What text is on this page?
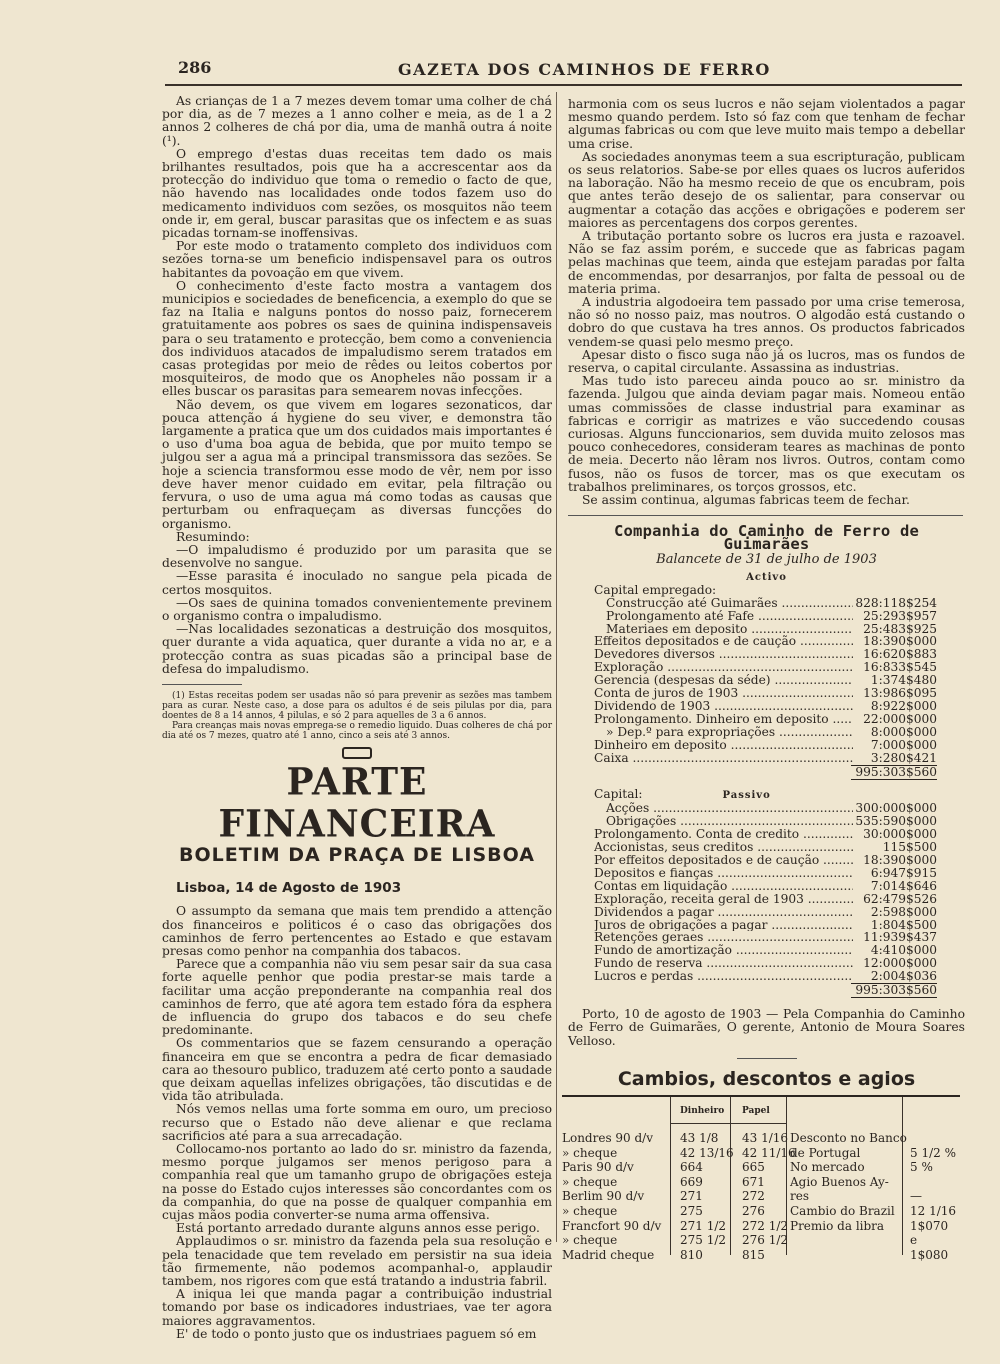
286	GAZETA DOS CAMINHOS DE FERRO

As crianças de 1 a 7 mezes devem tomar uma colher de chá por dia, as de 7 mezes a 1 anno colher e meia, as de 1 a 2 annos 2 colheres de chá por dia, uma de manhã outra á noite (¹).

O emprego d'estas duas receitas tem dado os mais brilhantes resultados, pois que ha a accrescentar aos da protecção do individuo que toma o remedio o facto de que, não havendo nas localidades onde todos fazem uso do medicamento individuos com sezões, os mosquitos não teem onde ir, em geral, buscar parasitas que os infectem e as suas picadas tornam-se inoffensivas.

Por este modo o tratamento completo dos individuos com sezões torna-se um beneficio indispensavel para os outros habitantes da povoação em que vivem.

O conhecimento d'este facto mostra a vantagem dos municipios e sociedades de beneficencia, a exemplo do que se faz na Italia e nalguns pontos do nosso paiz, fornecerem gratuitamente aos pobres os saes de quinina indispensaveis para o seu tratamento e protecção, bem como a conveniencia dos individuos atacados de impaludismo serem tratados em casas protegidas por meio de rêdes ou leitos cobertos por mosquiteiros, de modo que os Anopheles não possam ir a elles buscar os parasitas para semearem novas infecções.

Não devem, os que vivem em logares sezonaticos, dar pouca attenção á hygiene do seu viver, e demonstra tão largamente a pratica que um dos cuidados mais importantes é o uso d'uma boa agua de bebida, que por muito tempo se julgou ser a agua má a principal transmissora das sezões. Se hoje a sciencia transformou esse modo de vêr, nem por isso deve haver menor cuidado em evitar, pela filtração ou fervura, o uso de uma agua má como todas as causas que perturbam ou enfraqueçam as diversas funcções do organismo.

Resumindo:

—O impaludismo é produzido por um parasita que se desenvolve no sangue.

—Esse parasita é inoculado no sangue pela picada de certos mosquitos.

—Os saes de quinina tomados convenientemente previnem o organismo contra o impaludismo.

—Nas localidades sezonaticas a destruição dos mosquitos, quer durante a vida aquatica, quer durante a vida no ar, e a protecção contra as suas picadas são a principal base de defesa do impaludismo.

(1) Estas receitas podem ser usadas não só para prevenir as sezões mas tambem para as curar. Neste caso, a dose para os adultos é de seis pilulas por dia, para doentes de 8 a 14 annos, 4 pilulas, e só 2 para aquelles de 3 a 6 annos.

Para creanças mais novas emprega-se o remedio liquido. Duas colheres de chá por dia até os 7 mezes, quatro até 1 anno, cinco a seis até 3 annos.

PARTE FINANCEIRA
BOLETIM DA PRAÇA DE LISBOA
Lisboa, 14 de Agosto de 1903

O assumpto da semana que mais tem prendido a attenção dos financeiros e politicos é o caso das obrigações dos caminhos de ferro pertencentes ao Estado e que estavam presas como penhor na companhia dos tabacos.

Parece que a companhia não viu sem pesar sair da sua casa forte aquelle penhor que podia prestar-se mais tarde a facilitar uma acção preponderante na companhia real dos caminhos de ferro, que até agora tem estado fóra da esphera de influencia do grupo dos tabacos e do seu chefe predominante.

Os commentarios que se fazem censurando a operação financeira em que se encontra a pedra de ficar demasiado cara ao thesouro publico, traduzem até certo ponto a saudade que deixam aquellas infelizes obrigações, tão discutidas e de vida tão atribulada.

Nós vemos nellas uma forte somma em ouro, um precioso recurso que o Estado não deve alienar e que reclama sacrificios até para a sua arrecadação.

Collocamo-nos portanto ao lado do sr. ministro da fazenda, mesmo porque julgamos ser menos perigoso para a companhia real que um tamanho grupo de obrigações esteja na posse do Estado cujos interesses são concordantes com os da companhia, do que na posse de qualquer companhia em cujas mãos podia converter-se numa arma offensiva.

Está portanto arredado durante alguns annos esse perigo.

Applaudimos o sr. ministro da fazenda pela sua resolução e pela tenacidade que tem revelado em persistir na sua ideia tão firmemente, não podemos acompanhal-o, applaudir tambem, nos rigores com que está tratando a industria fabril.

A iniqua lei que manda pagar a contribuição industrial tomando por base os indicadores industriaes, vae ter agora maiores aggravamentos.

E' de todo o ponto justo que os industriaes paguem só em

harmonia com os seus lucros e não sejam violentados a pagar mesmo quando perdem. Isto só faz com que tenham de fechar algumas fabricas ou com que leve muito mais tempo a debellar uma crise.

As sociedades anonymas teem a sua escripturação, publicam os seus relatorios. Sabe-se por elles quaes os lucros auferidos na laboração. Não ha mesmo receio de que os encubram, pois que antes terão desejo de os salientar, para conservar ou augmentar a cotação das acções e obrigações e poderem ser maiores as percentagens dos corpos gerentes.

A tributação portanto sobre os lucros era justa e razoavel. Não se faz assim porém, e succede que as fabricas pagam pelas machinas que teem, ainda que estejam paradas por falta de encommendas, por desarranjos, por falta de pessoal ou de materia prima.

A industria algodoeira tem passado por uma crise temerosa, não só no nosso paiz, mas noutros. O algodão está custando o dobro do que custava ha tres annos. Os productos fabricados vendem-se quasi pelo mesmo preço.

Apesar disto o fisco suga não já os lucros, mas os fundos de reserva, o capital circulante. Assassina as industrias.

Mas tudo isto pareceu ainda pouco ao sr. ministro da fazenda. Julgou que ainda deviam pagar mais. Nomeou então umas commissões de classe industrial para examinar as fabricas e corrigir as matrizes e vão succedendo cousas curiosas. Alguns funccionarios, sem duvida muito zelosos mas pouco conhecedores, consideram teares as machinas de ponto de meia. Decerto não lêram nos livros. Outros, contam como fusos, não os fusos de torcer, mas os que executam os trabalhos preliminares, os torços grossos, etc.

Se assim continua, algumas fabricas teem de fechar.

Companhia do Caminho de Ferro de Guimarães
Balancete de 31 de julho de 1903
Activo
Capital empregado:
Construcção até Guimarães .....	828:118$254
Prolongamento até Fafe .....	25:293$957
Materiaes em deposito .....	25:483$925
Effeitos depositados e de caução .....	18:390$000
Devedores diversos .....	16:620$883
Exploração .....	16:833$545
Gerencia (despesas da séde) .....	1:374$480
Conta de juros de 1903 .....	13:986$095
Dividendo de 1903 .....	8:922$000
Prolongamento. Dinheiro em deposito .....	22:000$000
» Dep.º para expropriações .....	8:000$000
Dinheiro em deposito .....	7:000$000
Caixa .....	3:280$421
995:303$560
Capital:	Passivo
Acções .....	300:000$000
Obrigações .....	535:590$000
Prolongamento. Conta de credito .....	30:000$000
Accionistas, seus creditos .....	115$500
Por effeitos depositados e de caução .....	18:390$000
Depositos e fianças .....	6:947$915
Contas em liquidação .....	7:014$646
Exploração, receita geral de 1903 .....	62:479$526
Dividendos a pagar .....	2:598$000
Juros de obrigações a pagar .....	1:804$500
Retenções geraes .....	11:939$437
Fundo de amortização .....	4:410$000
Fundo de reserva .....	12:000$000
Lucros e perdas .....	2:004$036
995:303$560

Porto, 10 de agosto de 1903 — Pela Companhia do Caminho de Ferro de Guimarães, O gerente, Antonio de Moura Soares Velloso.

Cambios, descontos e agios
Dinheiro Papel
Londres 90 d/v 43 1/8 43 1/16
» cheque	42 13/16 42 11/16
Paris 90 d/v	664	665
» cheque	669	671
Berlim 90 d/v	271	272
» cheque	275	276
Francfort 90 d/v 271 1/2 272 1/2
» cheque	275 1/2 276 1/2
Madrid cheque 810	815
Desconto no Banco
de Portugal	5 1/2 %
No mercado	5 %
Agio Buenos Ay-
res	—
Cambio do Brazil 12 1/16
Premio da libra 1$070
e
1$080
